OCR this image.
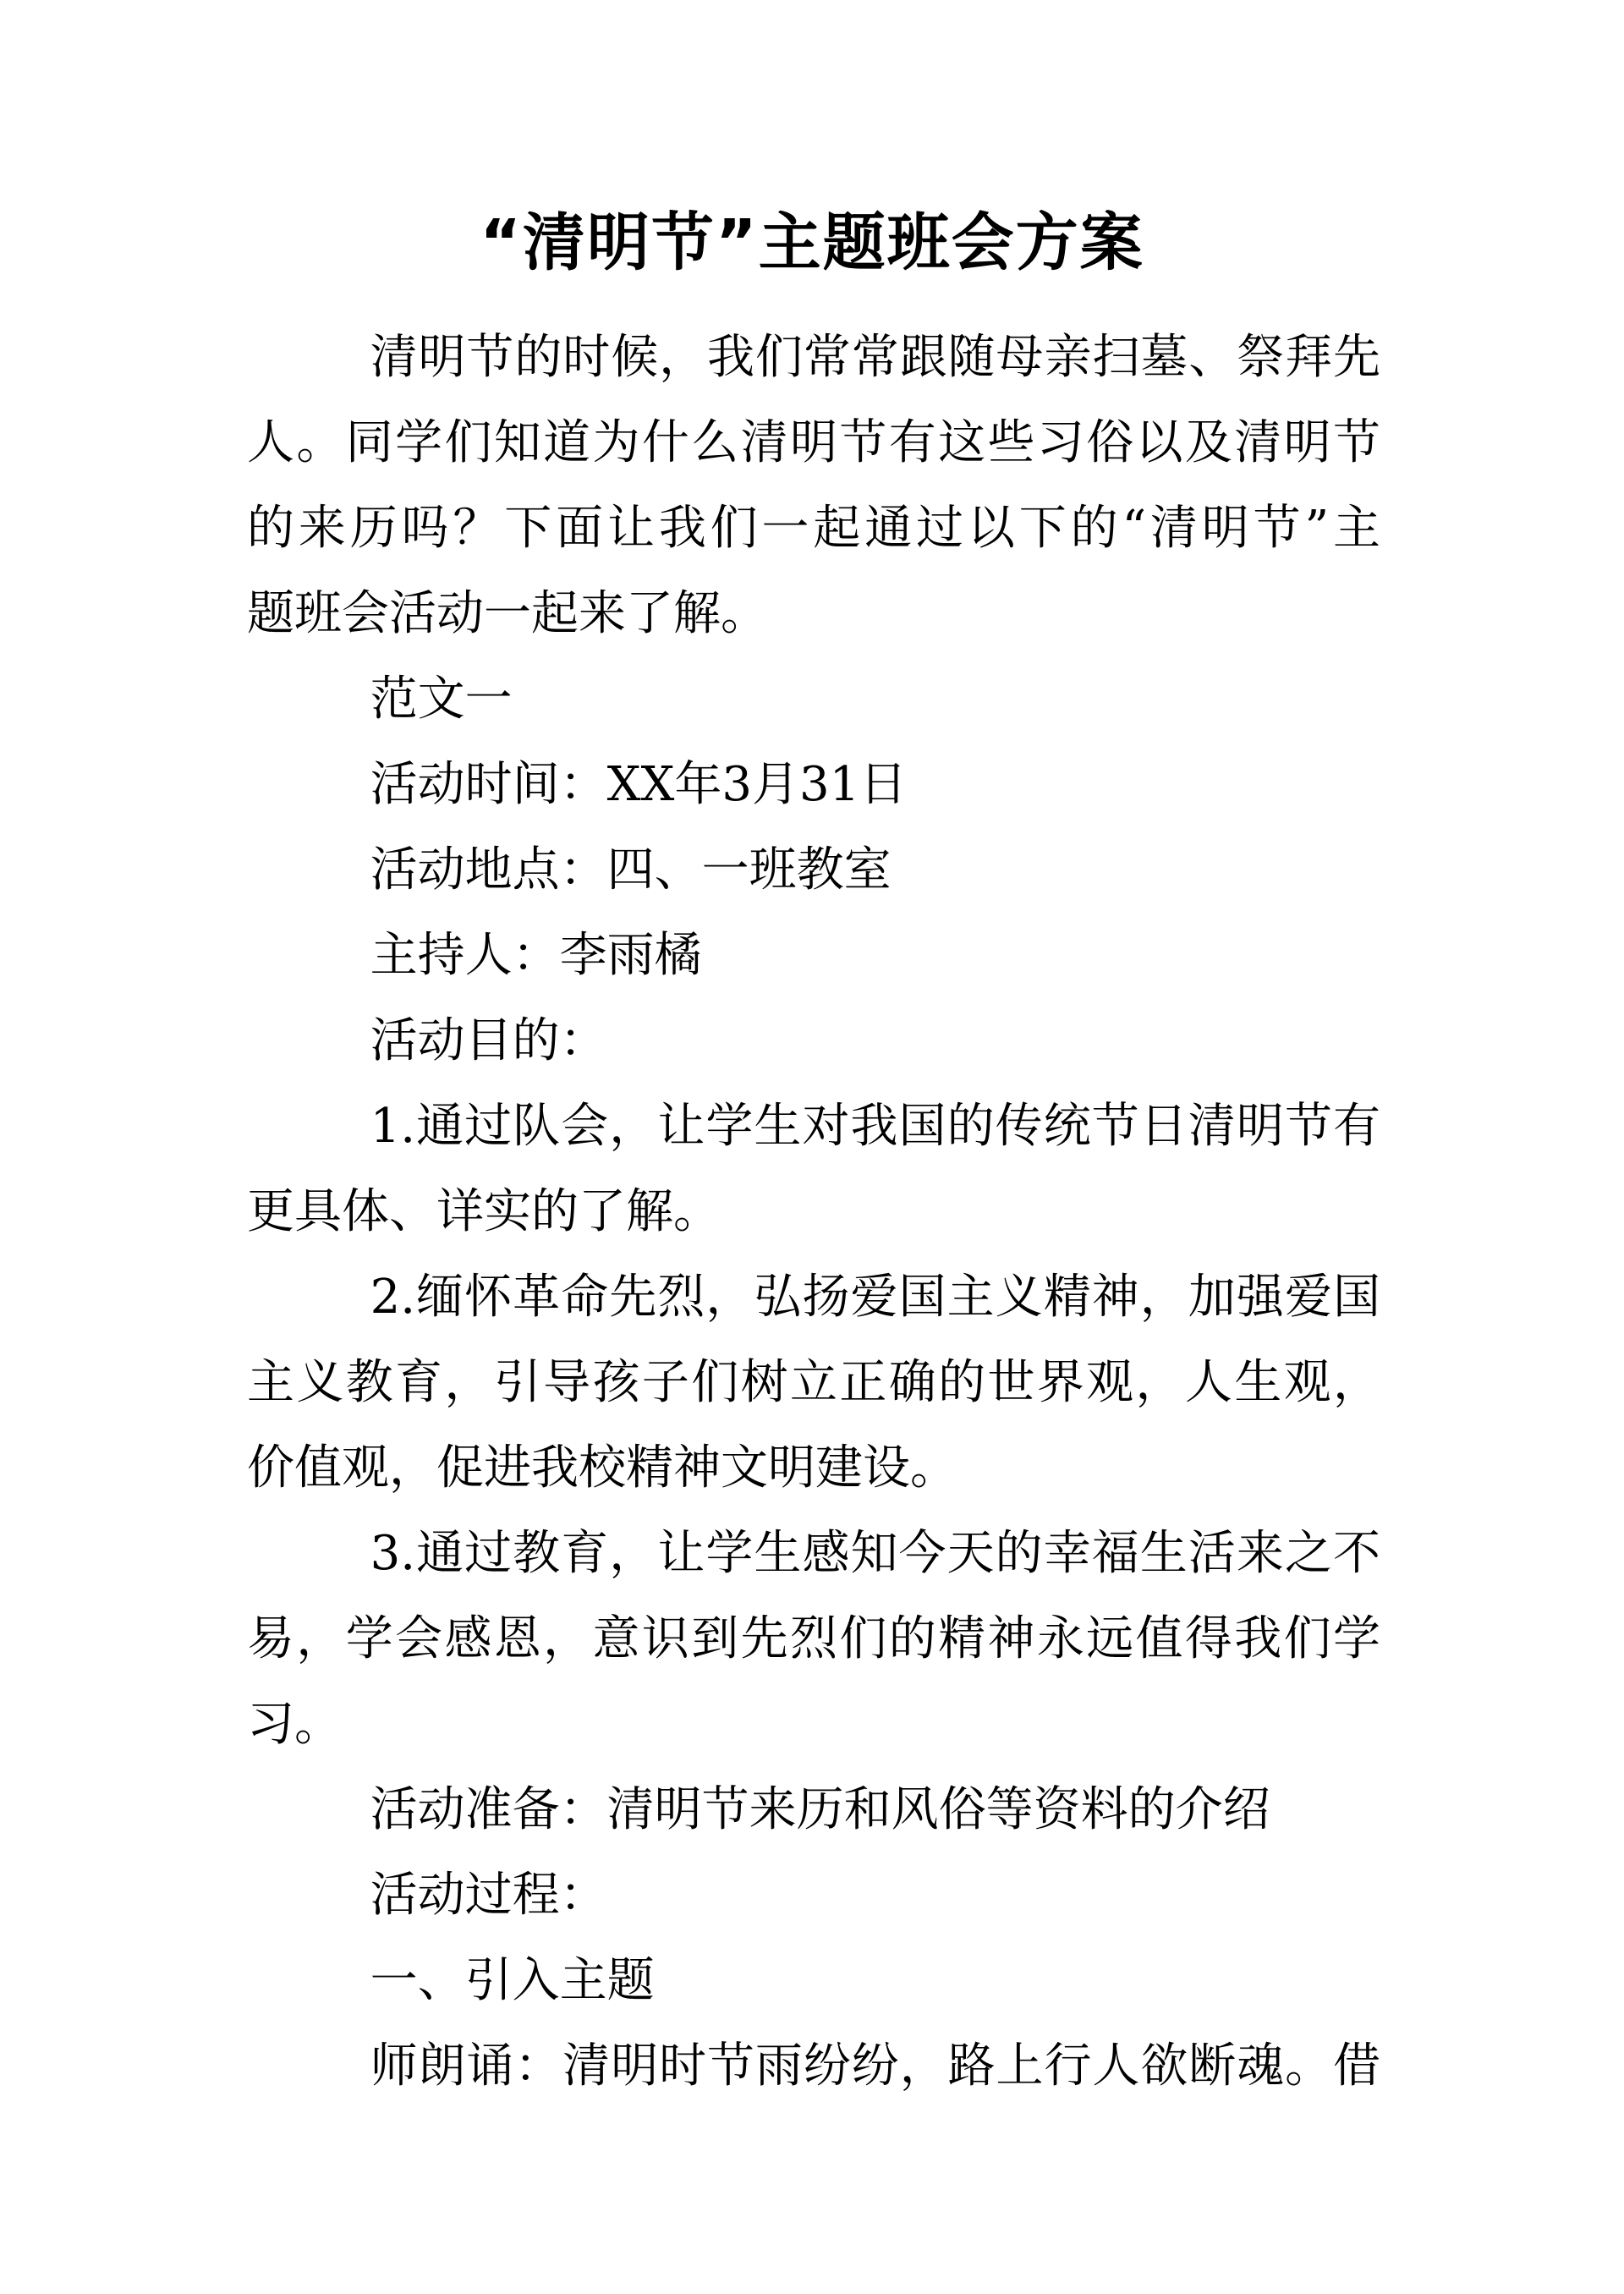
“清明节”主题班会方案

清明节的时候，我们常常跟随母亲扫墓、祭拜先
人。同学们知道为什么清明节有这些习俗以及清明节
的来历吗？下面让我们一起通过以下的“清明节”主
题班会活动一起来了解。

范文一

活动时间：XX年3月31日

活动地点：四、一班教室

主持人：李雨橘

活动目的：

1.通过队会，让学生对我国的传统节日清明节有
更具体、详实的了解。

2.缅怀革命先烈，弘扬爱国主义精神，加强爱国
主义教育，引导孩子们树立正确的世界观，人生观，
价值观，促进我校精神文明建设。

3.通过教育，让学生感知今天的幸福生活来之不
易，学会感恩，意识到先烈们的精神永远值得我们学
习。

活动准备：清明节来历和风俗等资料的介绍

活动过程：

一、引入主题

师朗诵：清明时节雨纷纷，路上行人欲断魂。借
